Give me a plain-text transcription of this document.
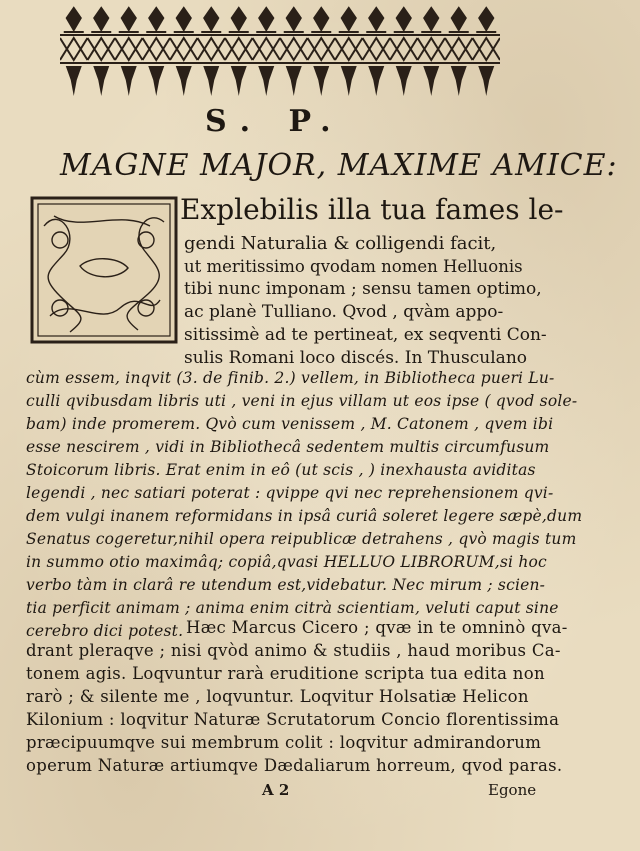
S. P.
MAGNE MAJOR, MAXIME AMICE:
Explebilis illa tua fames le-
gendi Naturalia & colligendi facit,
ut meritissimo qvodam nomen Helluonis
tibi nunc imponam ; sensu tamen optimo,
ac planè Tulliano. Qvod , qvàm appo-
sitissimè ad te pertineat, ex seqventi Con-
sulis Romani loco discés. In Thusculano
cùm essem, inqvit (3. de finib. 2.) vellem, in Bibliotheca pueri Lu-
culli qvibusdam libris uti , veni in ejus villam ut eos ipse ( qvod sole-
bam) inde promerem. Qvò cum venissem , M. Catonem , qvem ibi
esse nescirem , vidi in Bibliothecâ sedentem multis circumfusum
Stoicorum libris. Erat enim in eô (ut scis , ) inexhausta aviditas
legendi , nec satiari poterat : qvippe qvi nec reprehensionem qvi-
dem vulgi inanem reformidans in ipsâ curiâ soleret legere sæpè,dum
Senatus cogeretur,nihil opera reipublicæ detrahens , qvò magis tum
in summo otio maximâq; copiâ,qvasi HELLUO LIBRORUM,si hoc
verbo tàm in clarâ re utendum est,videbatur. Nec mirum ; scien-
tia perficit animam ; anima enim citrà scientiam, veluti caput sine
cerebro dici potest. Hæc Marcus Cicero ; qvæ in te omninò qva-
drant pleraqve ; nisi qvòd animo & studiis , haud moribus Ca-
tonem agis. Loqvuntur rarà eruditione scripta tua edita non
rarò ; & silente me , loqvuntur. Loqvitur Holsatiæ Helicon
Kilonium : loqvitur Naturæ Scrutatorum Concio florentissima
præcipuumqve sui membrum colit : loqvitur admirandorum
operum Naturæ artiumqve Dædaliarum horreum, qvod paras.
A 2	Egone
